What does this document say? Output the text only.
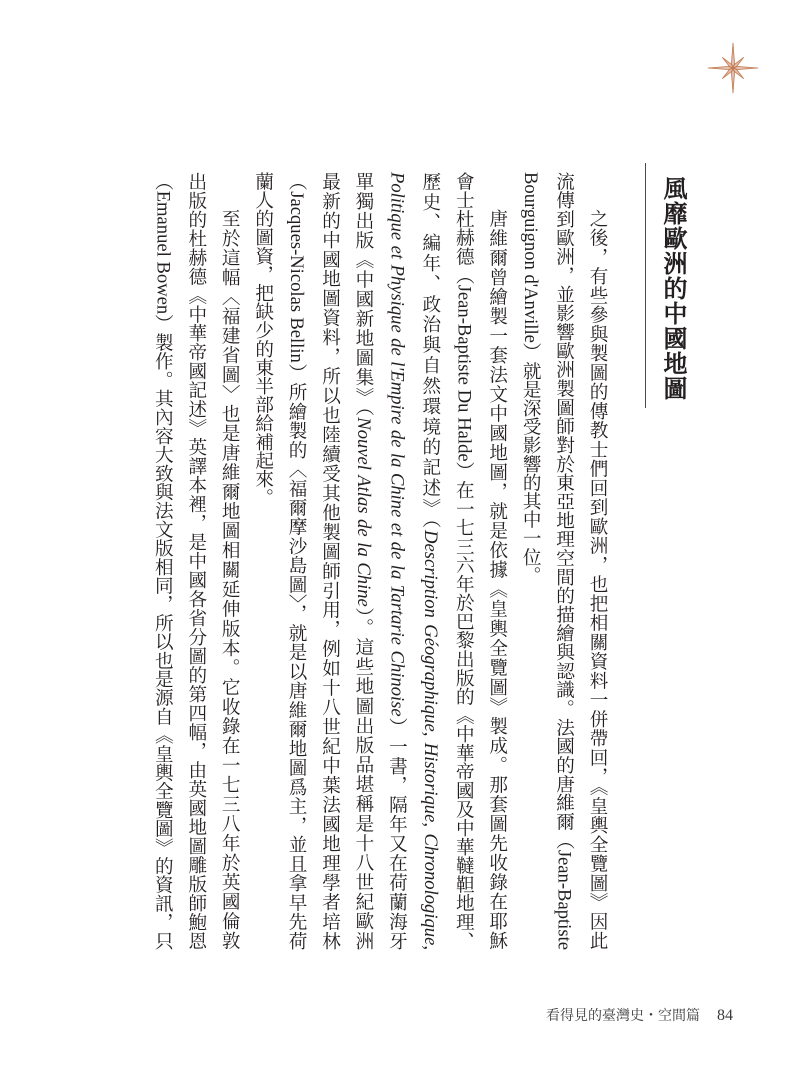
風靡歐洲的中國地圖
之後，有些參與製圖的傳教士們回到歐洲，也把相關資料一併帶回，《皇輿全覽圖》因此
流傳到歐洲，並影響歐洲製圖師對於東亞地理空間的描繪與認識。法國的唐維爾（Jean-Baptiste
Bourguignon d'Anville）就是深受影響的其中一位。
唐維爾曾繪製一套法文中國地圖，就是依據《皇輿全覽圖》製成。那套圖先收錄在耶穌
會士杜赫德（Jean-Baptiste Du Halde）在一七三六年於巴黎出版的《中華帝國及中華韃靼地理、
歷史、編年、政治與自然環境的記述》（Description Géographique, Historique, Chronologique,
Politique et Physique de l'Empire de la Chine et de la Tartarie Chinoise）一書，隔年又在荷蘭海牙
單獨出版《中國新地圖集》（Nouvel Atlas de la Chine）。這些地圖出版品堪稱是十八世紀歐洲
最新的中國地圖資料，所以也陸續受其他製圖師引用，例如十八世紀中葉法國地理學者培林
（Jacques-Nicolas Bellin）所繪製的〈福爾摩沙島圖〉，就是以唐維爾地圖爲主，並且拿早先荷
蘭人的圖資，把缺少的東半部給補起來。
至於這幅〈福建省圖〉也是唐維爾地圖相關延伸版本。它收錄在一七三八年於英國倫敦
出版的杜赫德《中華帝國記述》英譯本裡，是中國各省分圖的第四幅，由英國地圖雕版師鮑恩
（Emanuel Bowen）製作。其內容大致與法文版相同，所以也是源自《皇輿全覽圖》的資訊，只
看得見的臺灣史・空間篇 84
